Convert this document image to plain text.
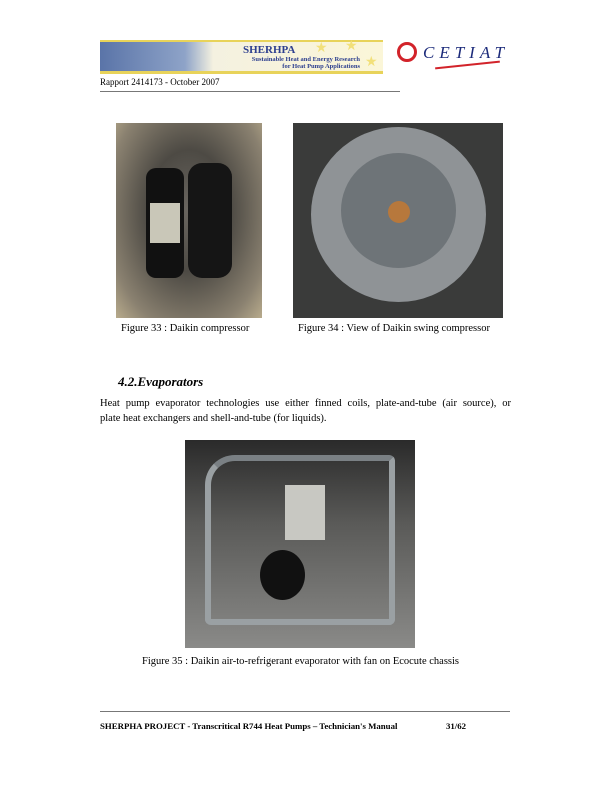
★ ★
★
SHERHPA
Sustainable Heat and Energy Research
for Heat Pump Applications
CETIAT
Rapport 2414173 - October 2007
Figure 33 : Daikin compressor	Figure 34 : View of Daikin swing compressor
4.2.Evaporators
Heat pump evaporator technologies use either finned coils, plate-and-tube (air source), or
plate heat exchangers and shell-and-tube (for liquids).
Figure 35 : Daikin air-to-refrigerant evaporator with fan on Ecocute chassis
SHERPHA PROJECT - Transcritical R744 Heat Pumps – Technician's Manual	31/62
